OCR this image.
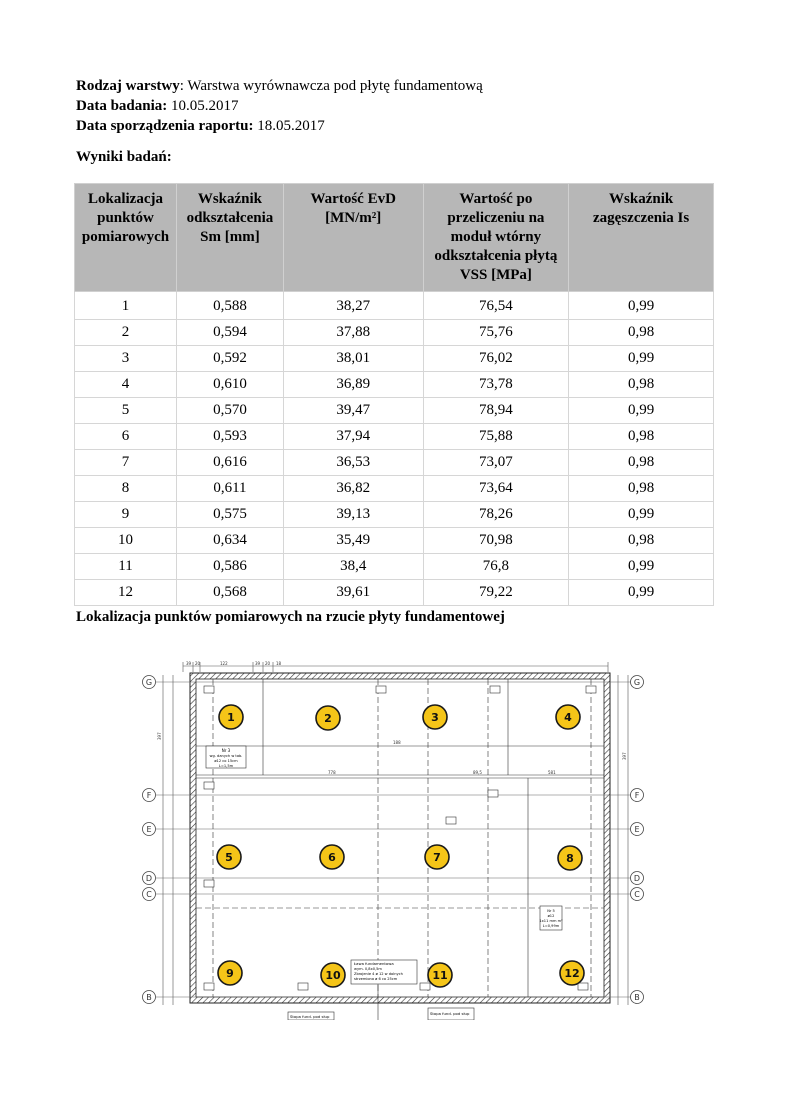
Rodzaj warstwy: Warstwa wyrównawcza pod płytę fundamentową
Data badania: 10.05.2017
Data sporządzenia raportu: 18.05.2017
Wyniki badań:
Lokalizacja punktów pomiarowych	Wskaźnik odkształcenia Sm [mm]	Wartość EvD [MN/m²]	Wartość po przeliczeniu na moduł wtórny odkształcenia płytą VSS [MPa]	Wskaźnik zagęszczenia Is
1	0,588	38,27	76,54	0,99
2	0,594	37,88	75,76	0,98
3	0,592	38,01	76,02	0,99
4	0,610	36,89	73,78	0,98
5	0,570	39,47	78,94	0,99
6	0,593	37,94	75,88	0,98
7	0,616	36,53	73,07	0,98
8	0,611	36,82	73,64	0,98
9	0,575	39,13	78,26	0,99
10	0,634	35,49	70,98	0,98
11	0,586	38,4	76,8	0,99
12	0,568	39,61	79,22	0,99
Lokalizacja punktów pomiarowych na rzucie płyty fundamentowej
39 20	122	39 20 18
397
397
188
778	89,5	581
G	G
F	F
E	E
D	D
C	C
B	B
Nr 3
wg. danych w tab.
ø12 co 15cm
L=1,5m
Nr 5
ø12
1x11 mm m²
L=0,99m
Ława fundamentowa
wym. 0,8x0,5m
Zbrojenie 4 ø 12 w dolnych
strzemiona ø 6 co 25cm
Stopa fund. pod słup
Stopa fund. pod słup
1	2	3	4
5	6	7	8
9	10	11	12
